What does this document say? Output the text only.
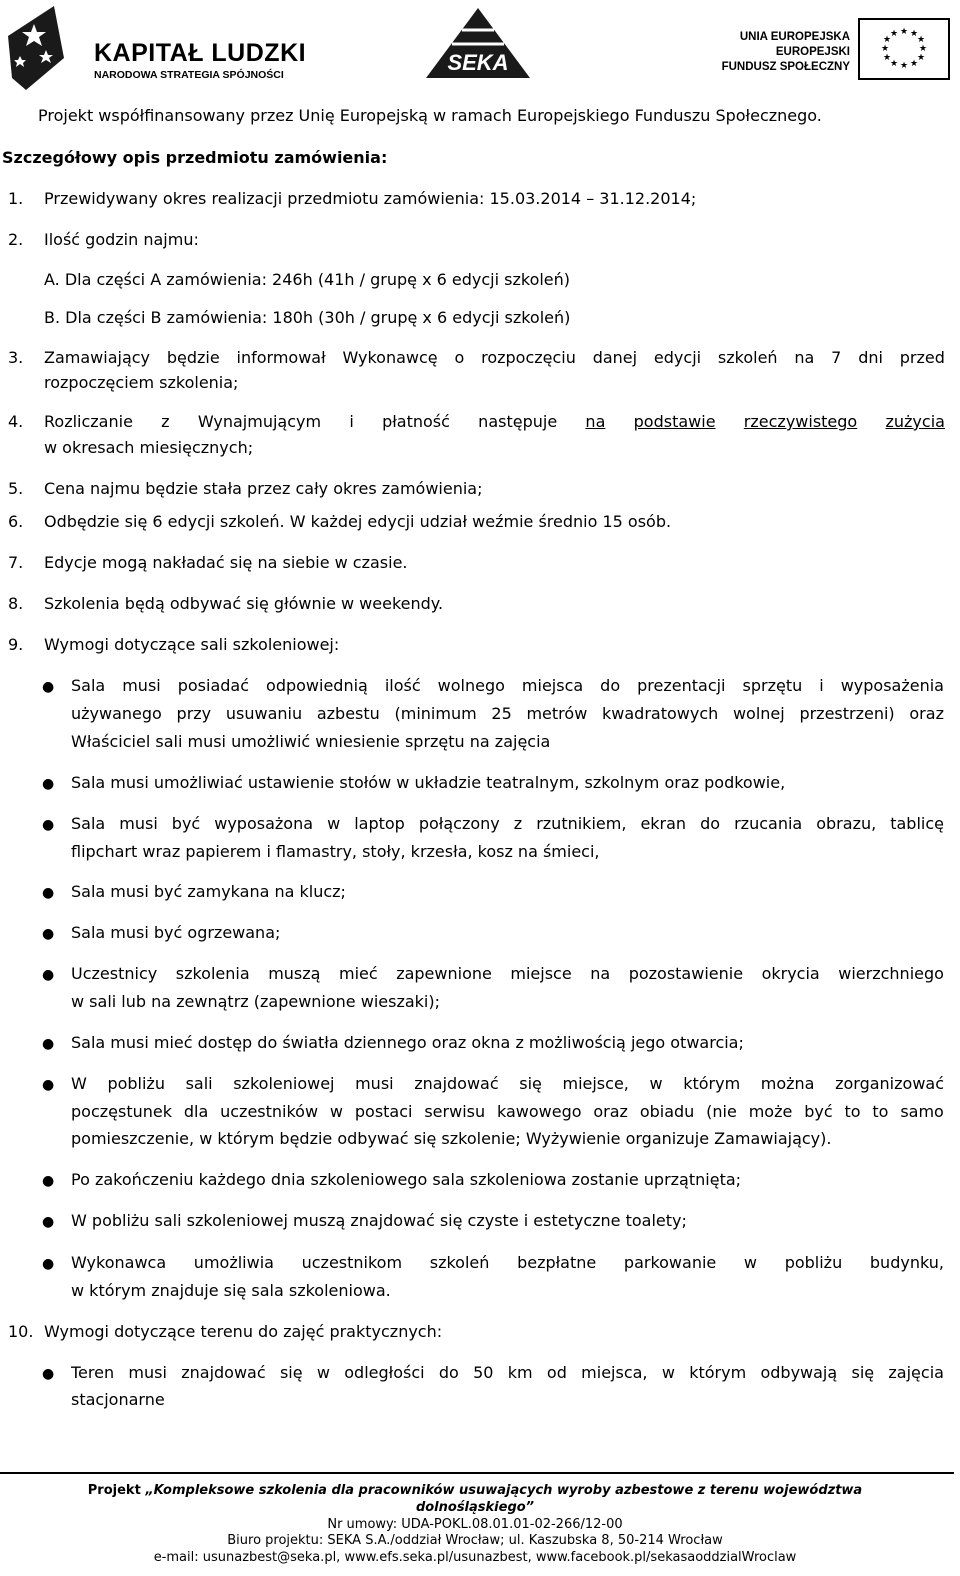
KAPITAŁ LUDZKI
NARODOWA STRATEGIA SPÓJNOŚCI	SEKA
UNIA EUROPEJSKA
EUROPEJSKI
FUNDUSZ SPOŁECZNY
★ ★
★
★
★
★
★
★
★
★
★
★
Projekt współfinansowany przez Unię Europejską w ramach Europejskiego Funduszu Społecznego.
Szczegółowy opis przedmiotu zamówienia:
1. Przewidywany okres realizacji przedmiotu zamówienia: 15.03.2014 – 31.12.2014;
2. Ilość godzin najmu:
A. Dla części A zamówienia: 246h (41h / grupę x 6 edycji szkoleń)
B. Dla części B zamówienia: 180h (30h / grupę x 6 edycji szkoleń)
3. Zamawiający będzie informował Wykonawcę o rozpoczęciu danej edycji szkoleń na 7 dni przed
rozpoczęciem szkolenia;
4. Rozliczanie z Wynajmującym i płatność następuje na podstawie rzeczywistego zużycia
w okresach miesięcznych;
5. Cena najmu będzie stała przez cały okres zamówienia;
6. Odbędzie się 6 edycji szkoleń. W każdej edycji udział weźmie średnio 15 osób.
7. Edycje mogą nakładać się na siebie w czasie.
8. Szkolenia będą odbywać się głównie w weekendy.
9. Wymogi dotyczące sali szkoleniowej:
● Sala musi posiadać odpowiednią ilość wolnego miejsca do prezentacji sprzętu i wyposażenia
używanego przy usuwaniu azbestu (minimum 25 metrów kwadratowych wolnej przestrzeni) oraz
Właściciel sali musi umożliwić wniesienie sprzętu na zajęcia
● Sala musi umożliwiać ustawienie stołów w układzie teatralnym, szkolnym oraz podkowie,
● Sala musi być wyposażona w laptop połączony z rzutnikiem, ekran do rzucania obrazu, tablicę
flipchart wraz papierem i flamastry, stoły, krzesła, kosz na śmieci,
● Sala musi być zamykana na klucz;
● Sala musi być ogrzewana;
● Uczestnicy szkolenia muszą mieć zapewnione miejsce na pozostawienie okrycia wierzchniego
w sali lub na zewnątrz (zapewnione wieszaki);
● Sala musi mieć dostęp do światła dziennego oraz okna z możliwością jego otwarcia;
● W pobliżu sali szkoleniowej musi znajdować się miejsce, w którym można zorganizować
poczęstunek dla uczestników w postaci serwisu kawowego oraz obiadu (nie może być to to samo
pomieszczenie, w którym będzie odbywać się szkolenie; Wyżywienie organizuje Zamawiający).
● Po zakończeniu każdego dnia szkoleniowego sala szkoleniowa zostanie uprzątnięta;
● W pobliżu sali szkoleniowej muszą znajdować się czyste i estetyczne toalety;
● Wykonawca umożliwia uczestnikom szkoleń bezpłatne parkowanie w pobliżu budynku,
w którym znajduje się sala szkoleniowa.
10. Wymogi dotyczące terenu do zajęć praktycznych:
● Teren musi znajdować się w odległości do 50 km od miejsca, w którym odbywają się zajęcia
stacjonarne
Projekt „Kompleksowe szkolenia dla pracowników usuwających wyroby azbestowe z terenu województwa
dolnośląskiego”
Nr umowy: UDA-POKL.08.01.01-02-266/12-00
Biuro projektu: SEKA S.A./oddział Wrocław; ul. Kaszubska 8, 50-214 Wrocław
e-mail: usunazbest@seka.pl, www.efs.seka.pl/usunazbest, www.facebook.pl/sekasaoddzialWroclaw
